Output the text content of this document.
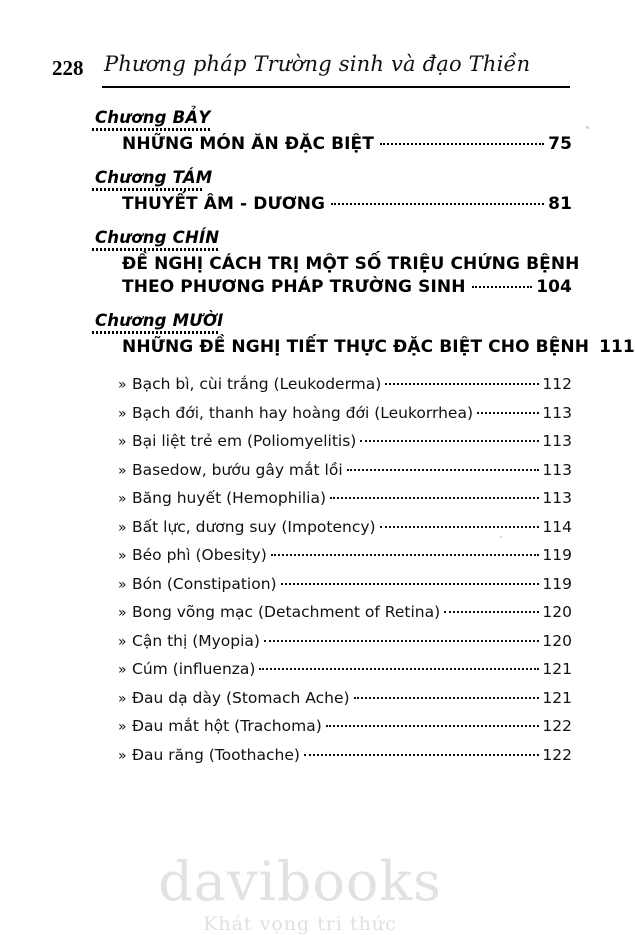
228 Phương pháp Trường sinh và đạo Thiền
Chương BẢY
NHỮNG MÓN ĂN ĐẶC BIỆT	75
Chương TÁM
THUYẾT ÂM - DƯƠNG	81
Chương CHÍN
ĐỀ NGHỊ CÁCH TRỊ MỘT SỐ TRIỆU CHỨNG BỆNH
THEO PHƯƠNG PHÁP TRƯỜNG SINH	104
Chương MƯỜI
NHỮNG ĐỀ NGHỊ TIẾT THỰC ĐẶC BIỆT CHO BỆNH 111
» Bạch bì, cùi trắng (Leukoderma)	112
» Bạch đới, thanh hay hoàng đới (Leukorrhea)	113
» Bại liệt trẻ em (Poliomyelitis)	113
» Basedow, bướu gây mắt lồi	113
» Băng huyết (Hemophilia)	113
» Bất lực, dương suy (Impotency)	114
» Béo phì (Obesity)	119
» Bón (Constipation)	119
» Bong võng mạc (Detachment of Retina)	120
» Cận thị (Myopia)	120
» Cúm (influenza)	121
» Đau dạ dày (Stomach Ache)	121
» Đau mắt hột (Trachoma)	122
» Đau răng (Toothache)	122
davibooks
Khát vọng tri thức
